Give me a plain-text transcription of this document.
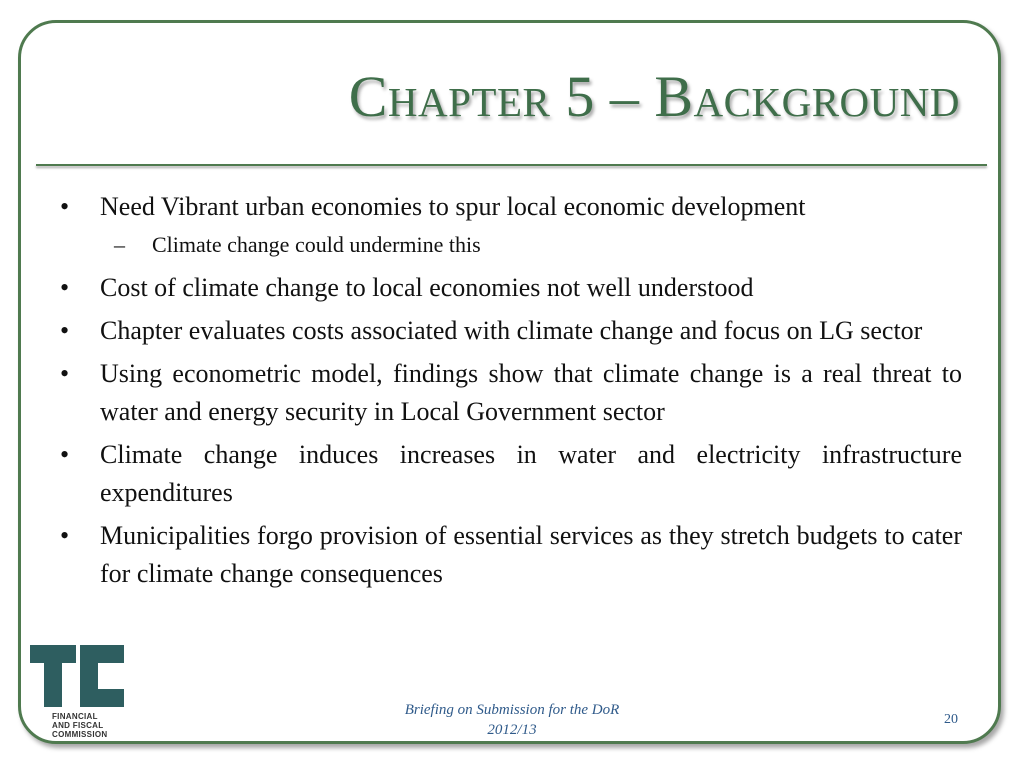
Chapter 5 – Background
• Need Vibrant urban economies to spur local economic development
– Climate change could undermine this
• Cost of climate change to local economies not well understood
• Chapter evaluates costs associated with climate change and focus on LG sector
• Using econometric model, findings show that climate change is a real threat to water and energy security in Local Government sector
• Climate change induces increases in water and electricity infrastructure expenditures
• Municipalities forgo provision of essential services as they stretch budgets to cater for climate change consequences
FINANCIAL
AND FISCAL
COMMISSION
Briefing on Submission for the DoR
2012/13
20
